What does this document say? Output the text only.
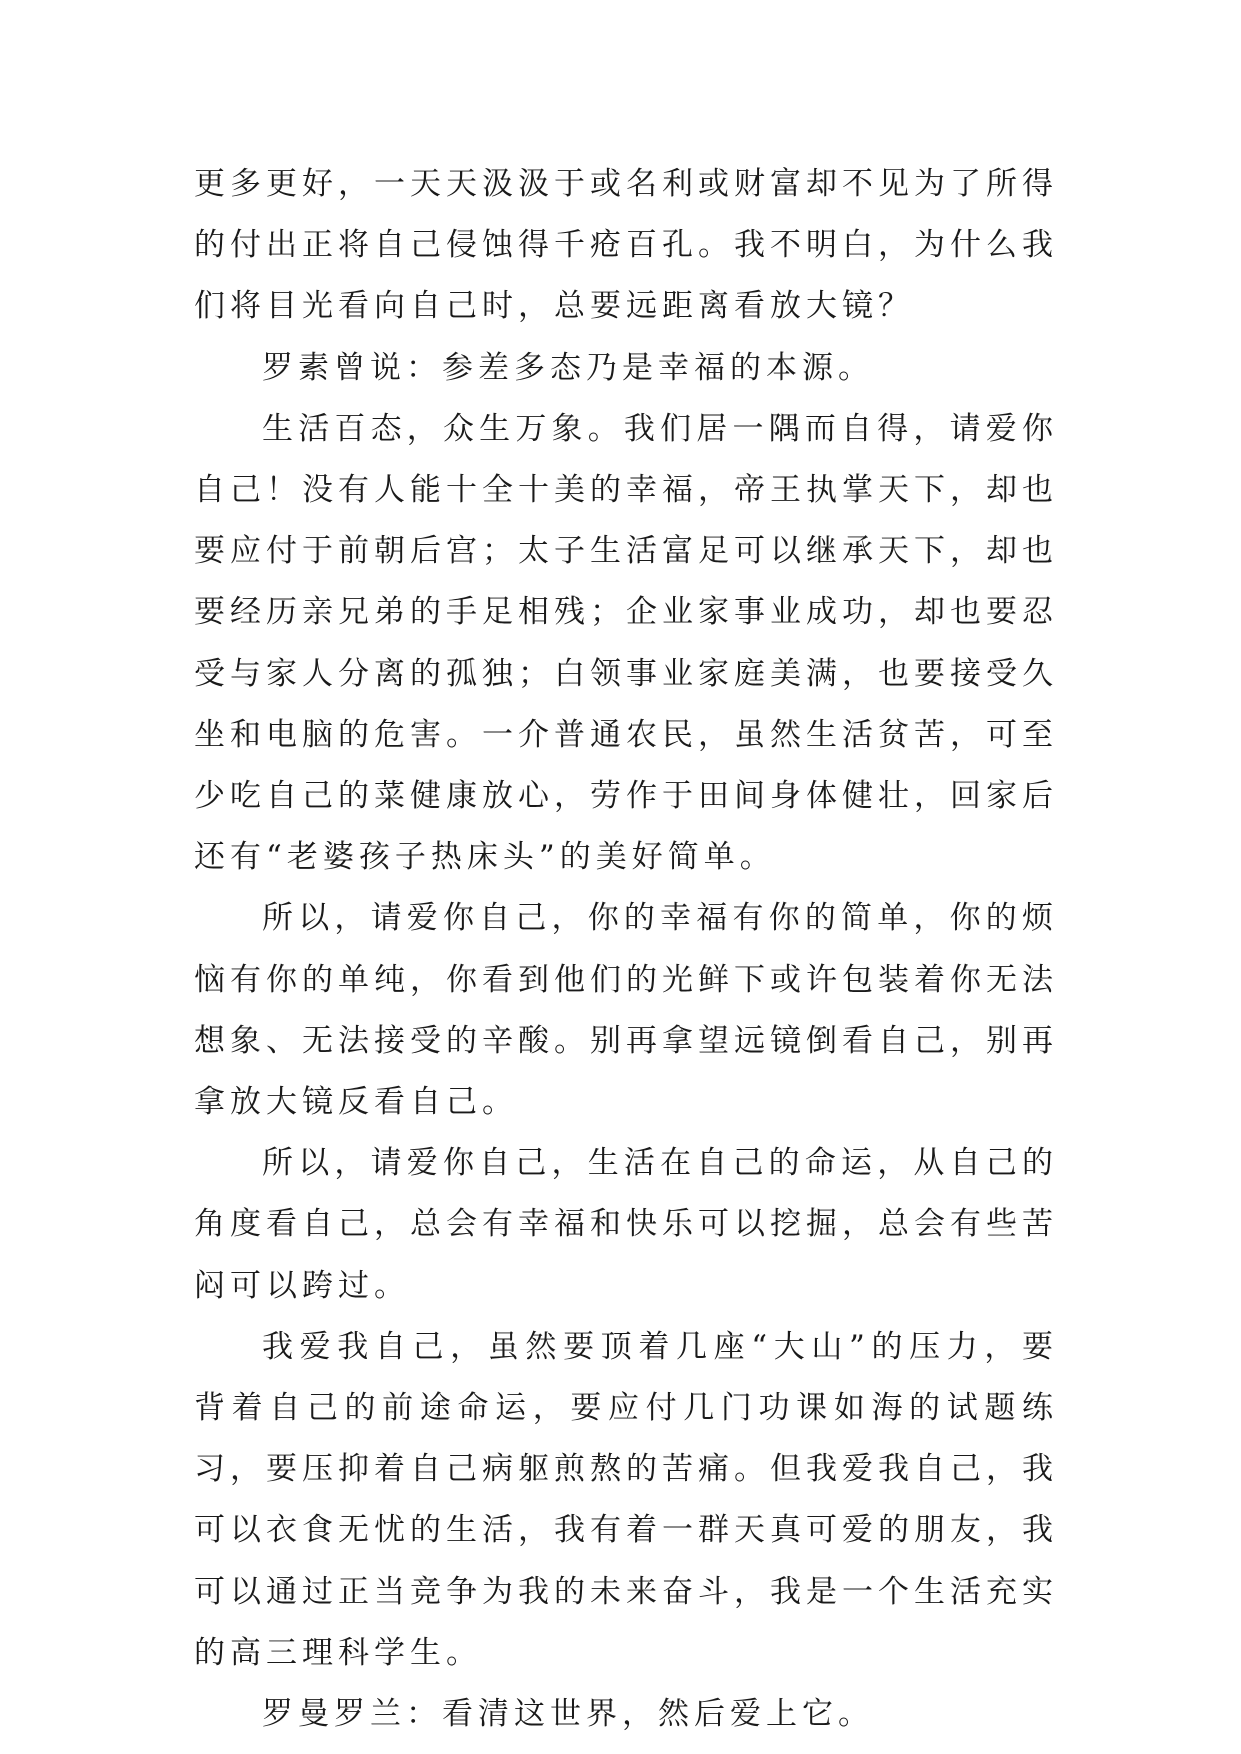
更多更好，一天天汲汲于或名利或财富却不见为了所得的付出正将自己侵蚀得千疮百孔。我不明白，为什么我们将目光看向自己时，总要远距离看放大镜？

罗素曾说：参差多态乃是幸福的本源。

生活百态，众生万象。我们居一隅而自得，请爱你自己！没有人能十全十美的幸福，帝王执掌天下，却也要应付于前朝后宫；太子生活富足可以继承天下，却也要经历亲兄弟的手足相残；企业家事业成功，却也要忍受与家人分离的孤独；白领事业家庭美满，也要接受久坐和电脑的危害。一介普通农民，虽然生活贫苦，可至少吃自己的菜健康放心，劳作于田间身体健壮，回家后还有“老婆孩子热床头”的美好简单。

所以，请爱你自己，你的幸福有你的简单，你的烦恼有你的单纯，你看到他们的光鲜下或许包装着你无法想象、无法接受的辛酸。别再拿望远镜倒看自己，别再拿放大镜反看自己。

所以，请爱你自己，生活在自己的命运，从自己的角度看自己，总会有幸福和快乐可以挖掘，总会有些苦闷可以跨过。

我爱我自己，虽然要顶着几座“大山”的压力，要背着自己的前途命运，要应付几门功课如海的试题练习，要压抑着自己病躯煎熬的苦痛。但我爱我自己，我可以衣食无忧的生活，我有着一群天真可爱的朋友，我可以通过正当竞争为我的未来奋斗，我是一个生活充实的高三理科学生。

罗曼罗兰：看清这世界，然后爱上它。
